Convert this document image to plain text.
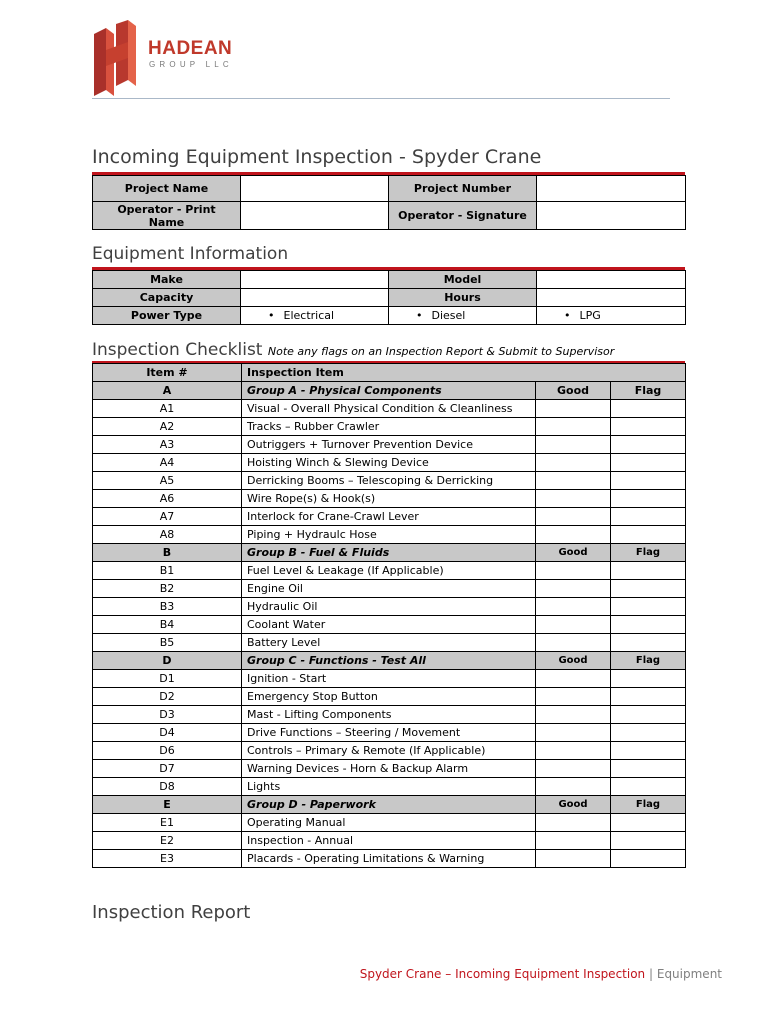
HADEAN
GROUP LLC
Incoming Equipment Inspection - Spyder Crane
Project Name		Project Number	
Operator - Print Name		Operator - Signature	
Equipment Information
Make		Model	
Capacity		Hours	
Power Type	• Electrical	• Diesel	• LPG
Inspection Checklist Note any flags on an Inspection Report & Submit to Supervisor
Item #	Inspection Item		
A	Group A - Physical Components	Good	Flag
A1	Visual - Overall Physical Condition & Cleanliness		
A2	Tracks – Rubber Crawler		
A3	Outriggers + Turnover Prevention Device		
A4	Hoisting Winch & Slewing Device		
A5	Derricking Booms – Telescoping & Derricking		
A6	Wire Rope(s) & Hook(s)		
A7	Interlock for Crane-Crawl Lever		
A8	Piping + Hydraulc Hose		
B	Group B - Fuel & Fluids	Good	Flag
B1	Fuel Level & Leakage (If Applicable)		
B2	Engine Oil		
B3	Hydraulic Oil		
B4	Coolant Water		
B5	Battery Level		
D	Group C - Functions - Test All	Good	Flag
D1	Ignition - Start		
D2	Emergency Stop Button		
D3	Mast - Lifting Components		
D4	Drive Functions – Steering / Movement		
D6	Controls – Primary & Remote (If Applicable)		
D7	Warning Devices - Horn & Backup Alarm		
D8	Lights		
E	Group D - Paperwork	Good	Flag
E1	Operating Manual		
E2	Inspection - Annual		
E3	Placards - Operating Limitations & Warning		
Inspection Report
Spyder Crane – Incoming Equipment Inspection | Equipment
